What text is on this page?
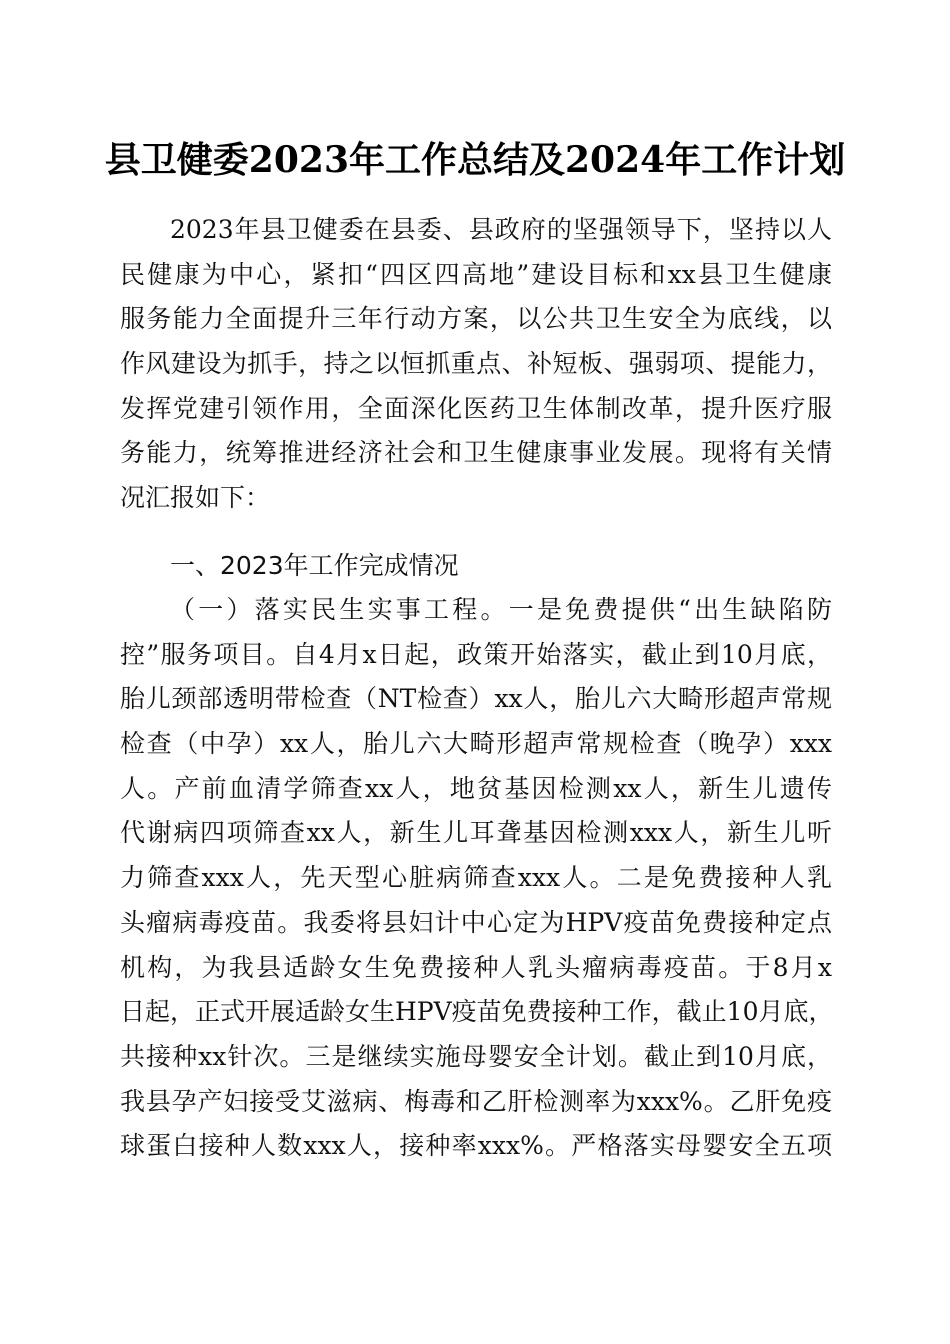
县卫健委2023年工作总结及2024年工作计划
2023年县卫健委在县委、县政府的坚强领导下，坚持以人
民健康为中心，紧扣“四区四高地”建设目标和xx县卫生健康
服务能力全面提升三年行动方案，以公共卫生安全为底线，以
作风建设为抓手，持之以恒抓重点、补短板、强弱项、提能力，
发挥党建引领作用，全面深化医药卫生体制改革，提升医疗服
务能力，统筹推进经济社会和卫生健康事业发展。现将有关情
况汇报如下：
一、2023年工作完成情况
（一）落实民生实事工程。一是免费提供“出生缺陷防
控”服务项目。自4月x日起，政策开始落实，截止到10月底，
胎儿颈部透明带检查（NT检查）xx人，胎儿六大畸形超声常规
检查（中孕）xx人，胎儿六大畸形超声常规检查（晚孕）xxx
人。产前血清学筛查xx人，地贫基因检测xx人，新生儿遗传
代谢病四项筛查xx人，新生儿耳聋基因检测xxx人，新生儿听
力筛查xxx人，先天型心脏病筛查xxx人。二是免费接种人乳
头瘤病毒疫苗。我委将县妇计中心定为HPV疫苗免费接种定点
机构，为我县适龄女生免费接种人乳头瘤病毒疫苗。于8月x
日起，正式开展适龄女生HPV疫苗免费接种工作，截止10月底，
共接种xx针次。三是继续实施母婴安全计划。截止到10月底，
我县孕产妇接受艾滋病、梅毒和乙肝检测率为xxx%。乙肝免疫
球蛋白接种人数xxx人，接种率xxx%。严格落实母婴安全五项
